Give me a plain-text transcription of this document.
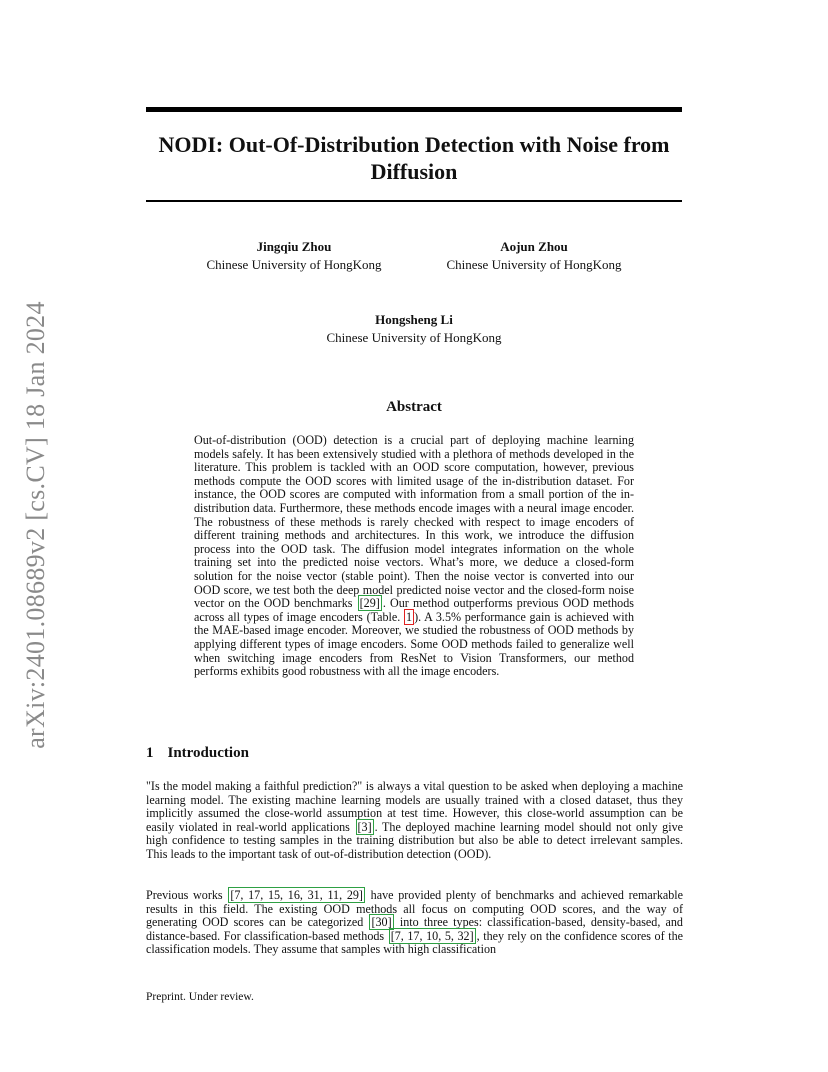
arXiv:2401.08689v2 [cs.CV] 18 Jan 2024
NODI: Out-Of-Distribution Detection with Noise from Diffusion
Jingqiu Zhou
Chinese University of HongKong
Aojun Zhou
Chinese University of HongKong
Hongsheng Li
Chinese University of HongKong
Abstract

Out-of-distribution (OOD) detection is a crucial part of deploying machine learning models safely. It has been extensively studied with a plethora of methods developed in the literature. This problem is tackled with an OOD score computation, however, previous methods compute the OOD scores with limited usage of the in-distribution dataset. For instance, the OOD scores are computed with information from a small portion of the in-distribution data. Furthermore, these methods encode images with a neural image encoder. The robustness of these methods is rarely checked with respect to image encoders of different training methods and architectures. In this work, we introduce the diffusion process into the OOD task. The diffusion model integrates information on the whole training set into the predicted noise vectors. What’s more, we deduce a closed-form solution for the noise vector (stable point). Then the noise vector is converted into our OOD score, we test both the deep model predicted noise vector and the closed-form noise vector on the OOD benchmarks [29] . Our method outperforms previous OOD methods across all types of image encoders (Table. 1 ). A 3.5% performance gain is achieved with the MAE-based image encoder. Moreover, we studied the robustness of OOD methods by applying different types of image encoders. Some OOD methods failed to generalize well when switching image encoders from ResNet to Vision Transformers, our method performs exhibits good robustness with all the image encoders.

1 Introduction

"Is the model making a faithful prediction?" is always a vital question to be asked when deploying a machine learning model. The existing machine learning models are usually trained with a closed dataset, thus they implicitly assumed the close-world assumption at test time. However, this close-world assumption can be easily violated in real-world applications [3] . The deployed machine learning model should not only give high confidence to testing samples in the training distribution but also be able to detect irrelevant samples. This leads to the important task of out-of-distribution detection (OOD).

Previous works [7, 17, 15, 16, 31, 11, 29] have provided plenty of benchmarks and achieved remarkable results in this field. The existing OOD methods all focus on computing OOD scores, and the way of generating OOD scores can be categorized [30] into three types: classification-based, density-based, and distance-based. For classification-based methods [7, 17, 10, 5, 32] , they rely on the confidence scores of the classification models. They assume that samples with high classification

Preprint. Under review.
